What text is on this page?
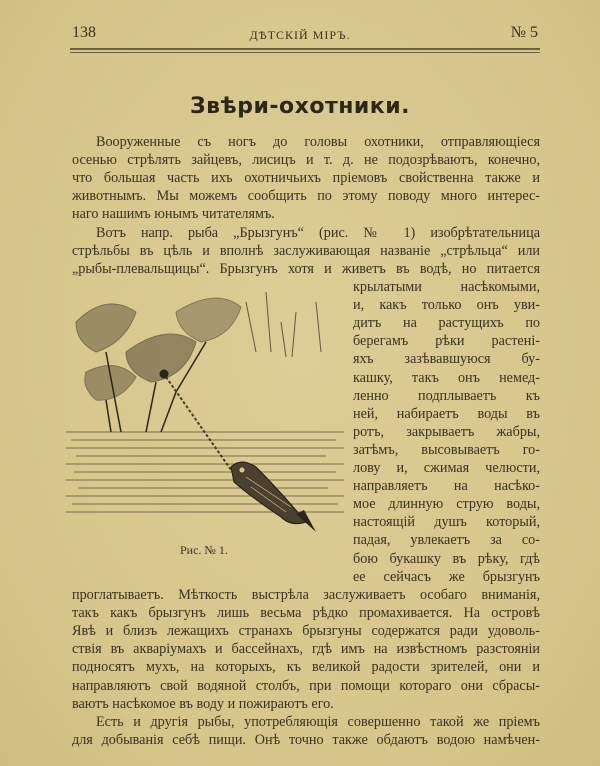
138	ДѢТСКІЙ МІРЪ.	№ 5
Звѣри-охотники.
Вооруженные съ ногъ до головы охотники, отправляющіеся
осенью стрѣлять зайцевъ, лисицъ и т. д. не подозрѣваютъ, конечно,
что большая часть ихъ охотничьихъ пріемовъ свойственна также и
животнымъ. Мы можемъ сообщить по этому поводу много интерес-
наго нашимъ юнымъ читателямъ.
Вотъ напр. рыба „Брызгунъ“ (рис. № 1) изобрѣтательница
стрѣльбы въ цѣль и вполнѣ заслуживающая названіе „стрѣльца“ или
„рыбы-плевальщицы“. Брызгунъ хотя и живетъ въ водѣ, но питается
крылатыми насѣкомыми,
и, какъ только онъ уви-
дитъ на растущихъ по
берегамъ рѣки растені-
яхъ зазѣвавшуюся бу-
кашку, такъ онъ немед-
ленно подплываетъ къ
ней, набираетъ воды въ
ротъ, закрываетъ жабры,
затѣмъ, высовываетъ го-
лову и, сжимая челюсти,
направляетъ на насѣко-
мое длинную струю воды,
настоящій душъ который,
падая, увлекаетъ за со-
бою букашку въ рѣку, гдѣ
ее сейчасъ же брызгунъ
проглатываетъ. Мѣткость выстрѣла заслуживаетъ особаго вниманія,
такъ какъ брызгунъ лишь весьма рѣдко промахивается. На островѣ
Явѣ и близъ лежащихъ странахъ брызгуны содержатся ради удоволь-
ствія въ акваріумахъ и бассейнахъ, гдѣ имъ на извѣстномъ разстояніи
подносятъ мухъ, на которыхъ, къ великой радости зрителей, они и
направляютъ свой водяной столбъ, при помощи котораго они сбрасы-
ваютъ насѣкомое въ воду и пожираютъ его.
Есть и другія рыбы, употребляющія совершенно такой же пріемъ
для добыванія себѣ пищи. Онѣ точно также обдаютъ водою намѣчен-
Рис. № 1.
